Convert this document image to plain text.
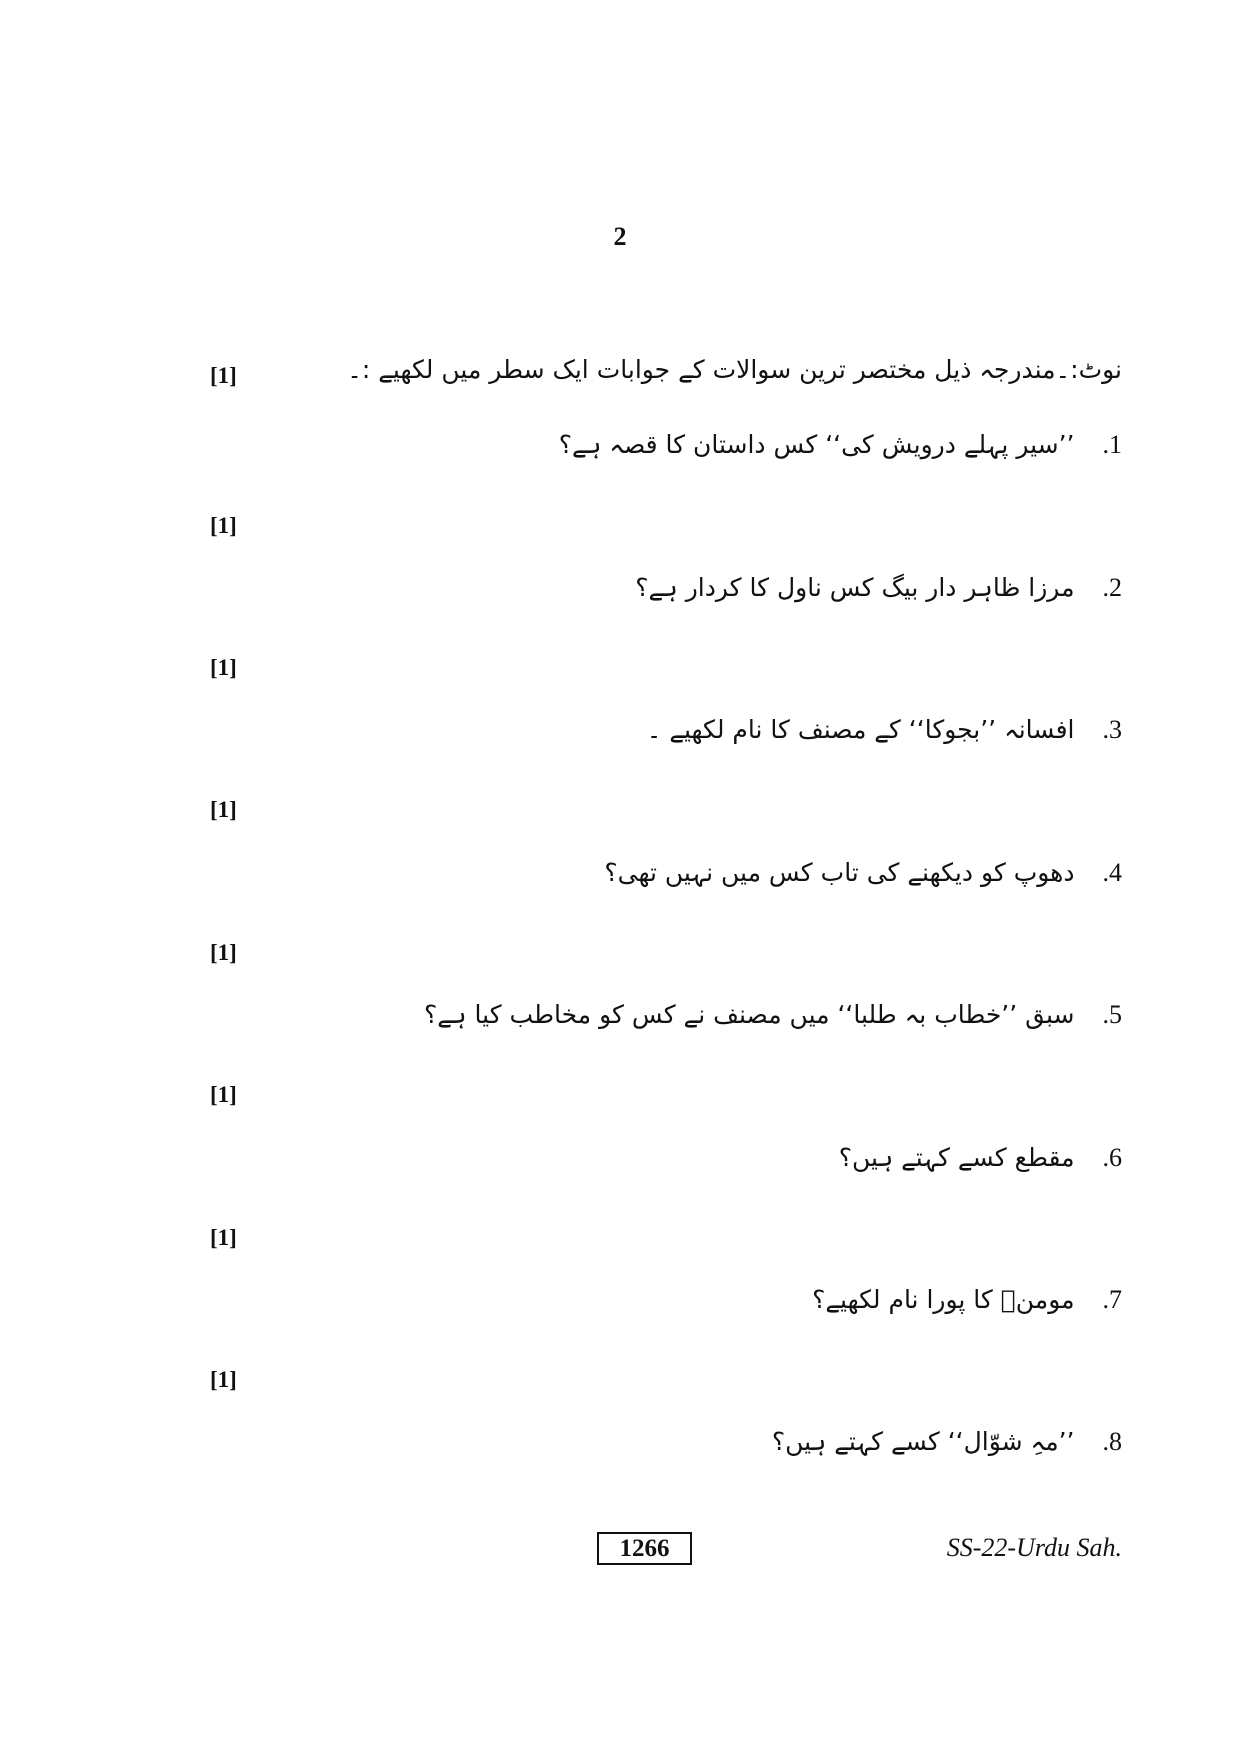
2
[1]	نوٹ:۔مندرجہ ذیل مختصر ترین سوالات کے جوابات ایک سطر میں لکھیے :۔
1.’’سیر پہلے درویش کی‘‘ کس داستان کا قصہ ہے؟
[1]
2.مرزا ظاہر دار بیگ کس ناول کا کردار ہے؟
[1]
3.افسانہ ’’بجوکا‘‘ کے مصنف کا نام لکھیے ۔
[1]
4.دھوپ کو دیکھنے کی تاب کس میں نہیں تھی؟
[1]
5.سبق ’’خطاب بہ طلبا‘‘ میں مصنف نے کس کو مخاطب کیا ہے؟
[1]
6.مقطع کسے کہتے ہیں؟
[1]
7.مومنؔ کا پورا نام لکھیے؟
[1]
8.’’مہِ شوّال‘‘ کسے کہتے ہیں؟
1266	SS-22-Urdu Sah.
